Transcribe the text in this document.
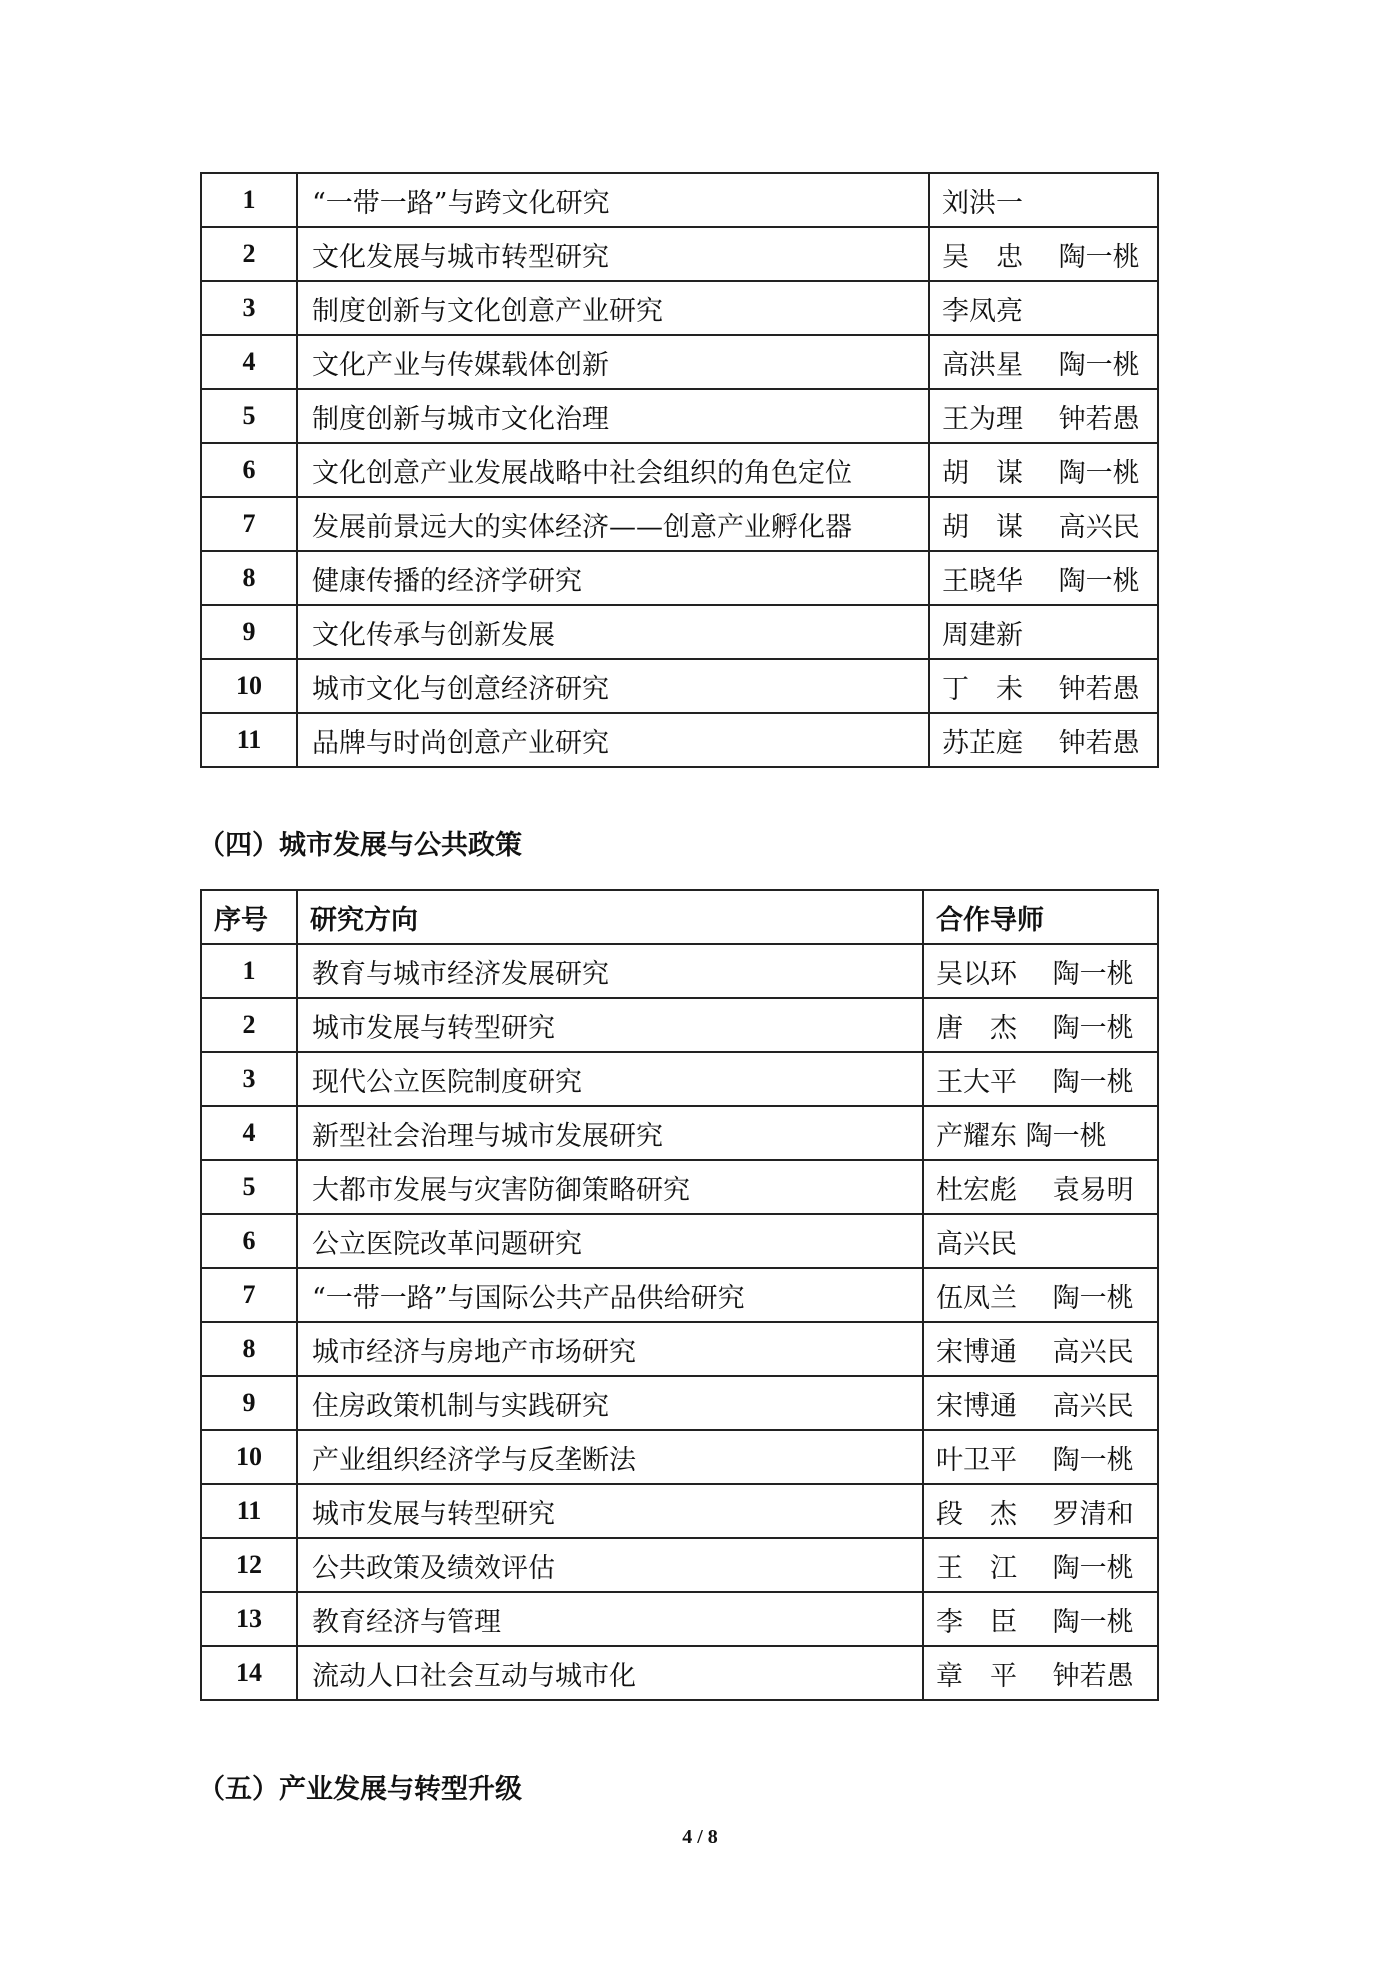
1	“一带一路”与跨文化研究	刘洪一
2	文化发展与城市转型研究	吴　忠　 陶一桃
3	制度创新与文化创意产业研究	李凤亮
4	文化产业与传媒载体创新	高洪星　 陶一桃
5	制度创新与城市文化治理	王为理　 钟若愚
6	文化创意产业发展战略中社会组织的角色定位	胡　谋　 陶一桃
7	发展前景远大的实体经济——创意产业孵化器	胡　谋　 高兴民
8	健康传播的经济学研究	王晓华　 陶一桃
9	文化传承与创新发展	周建新
10	城市文化与创意经济研究	丁　未　 钟若愚
11	品牌与时尚创意产业研究	苏芷庭　 钟若愚
（四）城市发展与公共政策
序号	研究方向	合作导师
1	教育与城市经济发展研究	吴以环　 陶一桃
2	城市发展与转型研究	唐　杰　 陶一桃
3	现代公立医院制度研究	王大平　 陶一桃
4	新型社会治理与城市发展研究	产耀东 陶一桃
5	大都市发展与灾害防御策略研究	杜宏彪　 袁易明
6	公立医院改革问题研究	高兴民
7	“一带一路”与国际公共产品供给研究	伍凤兰　 陶一桃
8	城市经济与房地产市场研究	宋博通　 高兴民
9	住房政策机制与实践研究	宋博通　 高兴民
10	产业组织经济学与反垄断法	叶卫平　 陶一桃
11	城市发展与转型研究	段　杰　 罗清和
12	公共政策及绩效评估	王　江　 陶一桃
13	教育经济与管理	李　臣　 陶一桃
14	流动人口社会互动与城市化	章　平　 钟若愚
（五）产业发展与转型升级
4 / 8
